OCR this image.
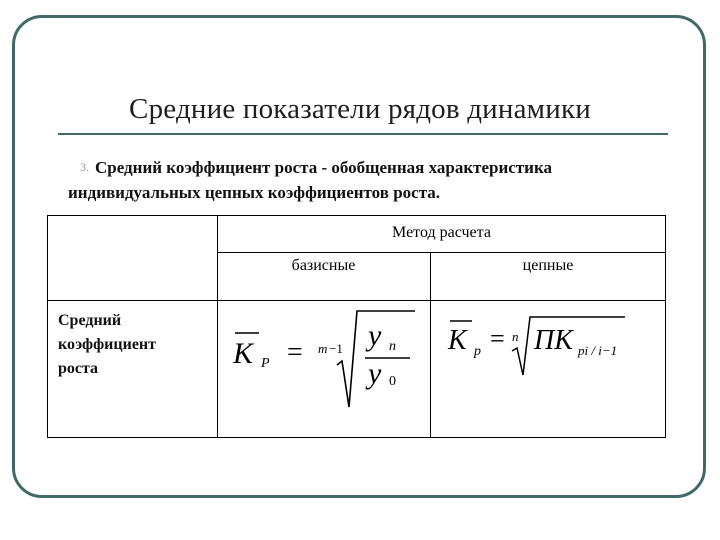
Средние показатели рядов динамики
3. Средний коэффициент роста - обобщенная характеристика
индивидуальных цепных коэффициентов роста.
Метод расчета
базисные	цепные
Средний
коэффициент
роста	K P = m −1 y n
y 0
K p = n ПK pi / i−1
